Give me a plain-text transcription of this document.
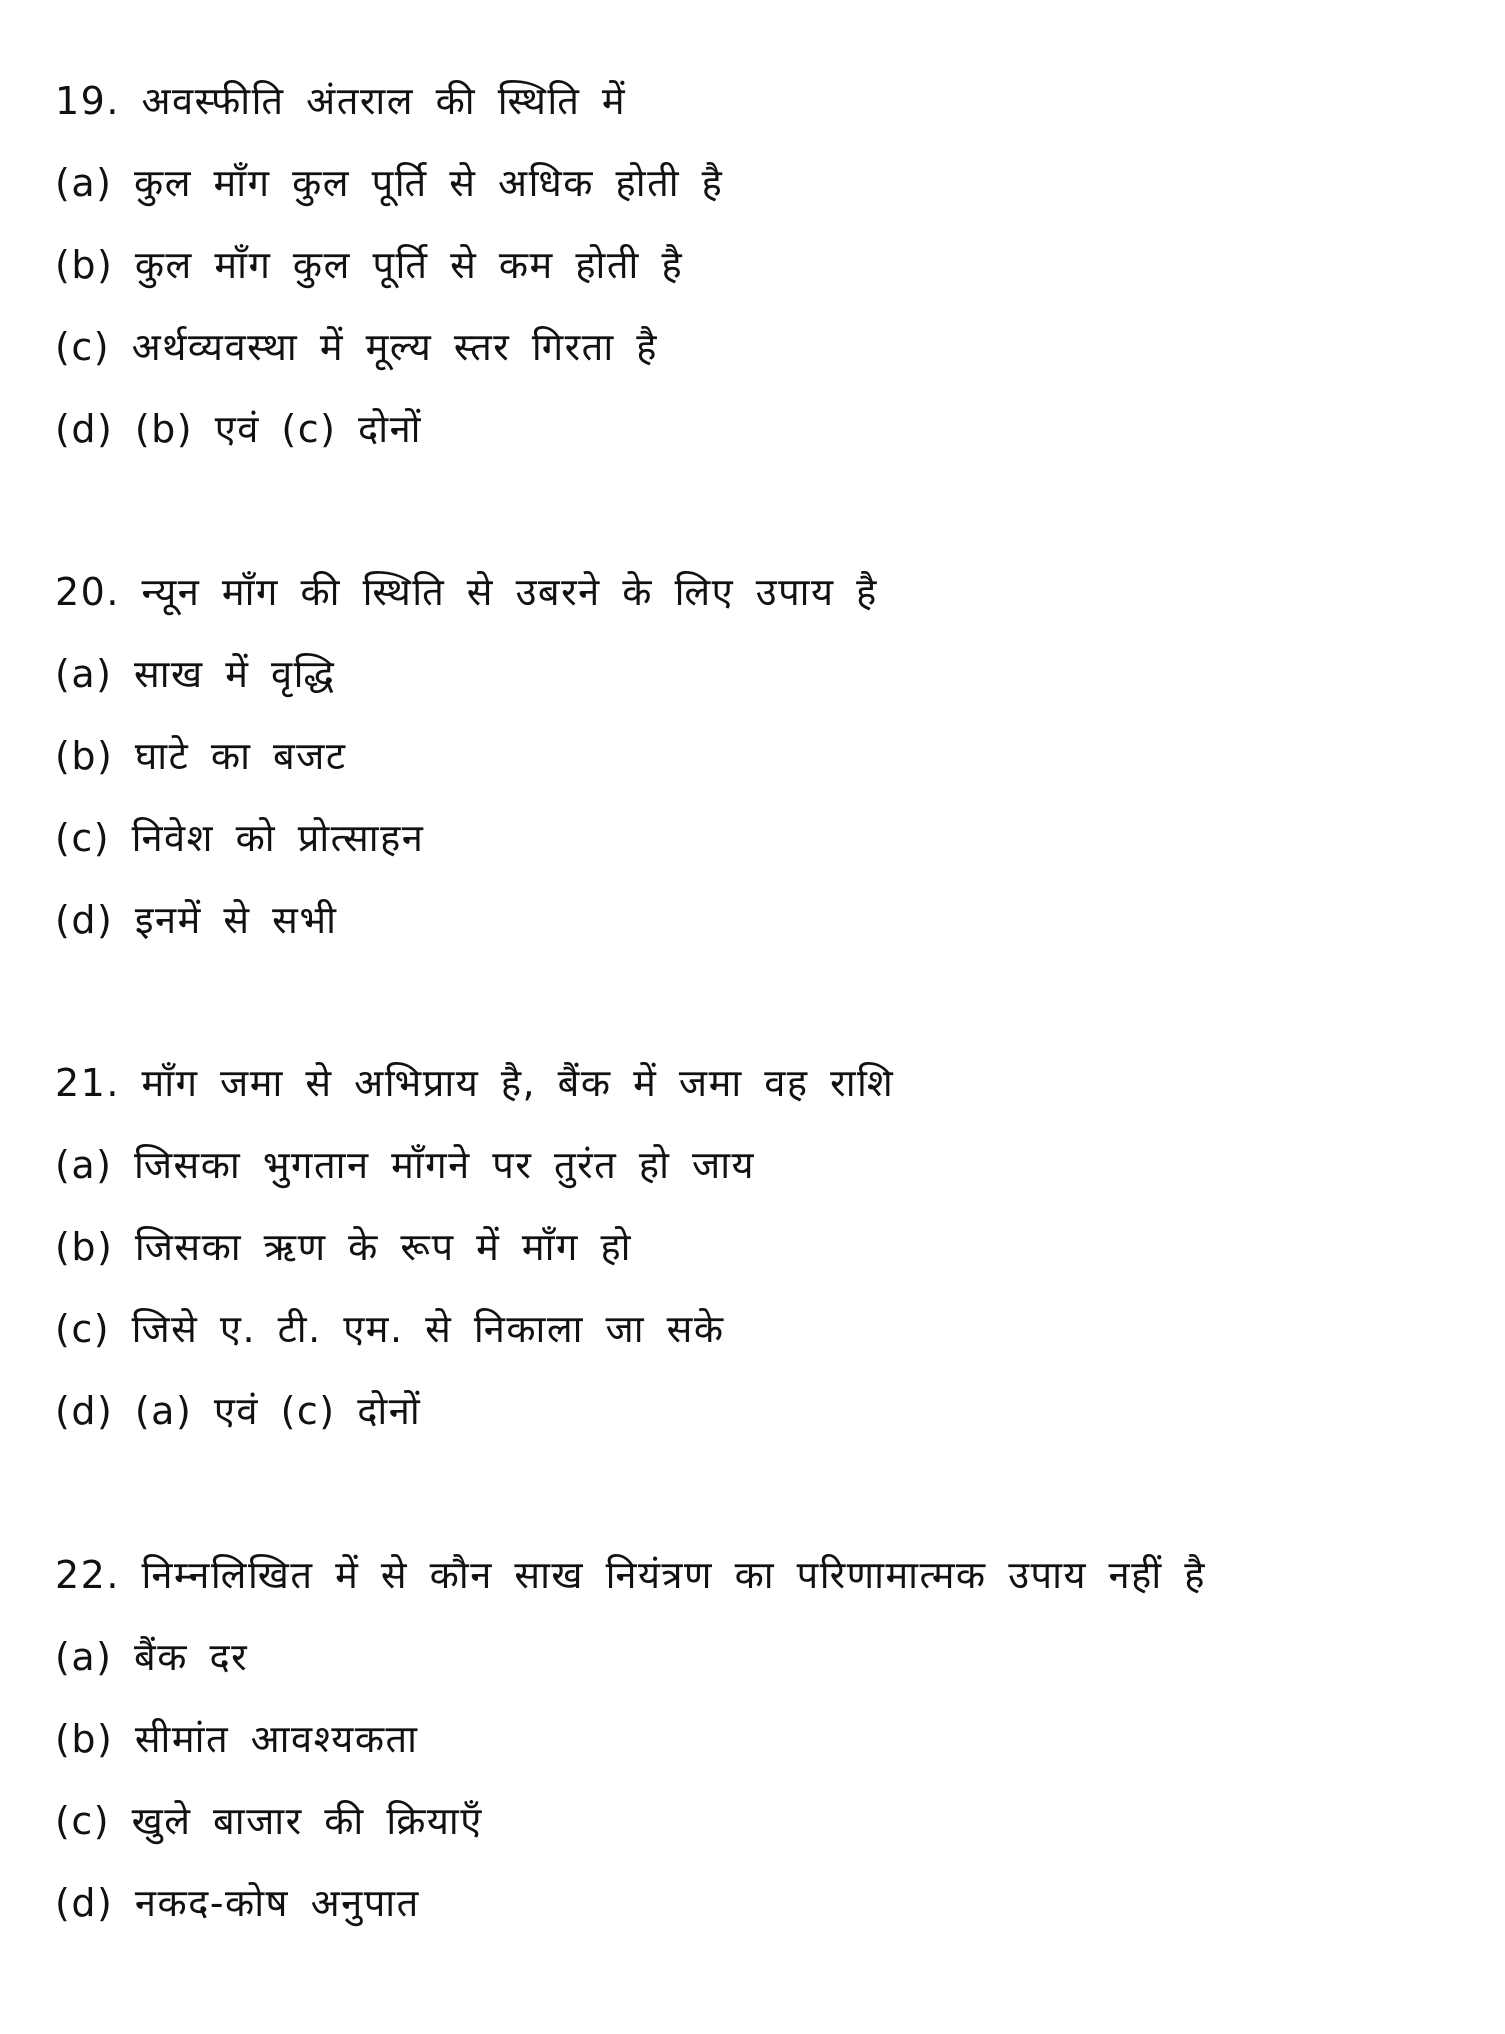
19. अवस्फीति अंतराल की स्थिति में
(a) कुल माँग कुल पूर्ति से अधिक होती है
(b) कुल माँग कुल पूर्ति से कम होती है
(c) अर्थव्यवस्था में मूल्य स्तर गिरता है
(d) (b) एवं (c) दोनों
20. न्यून माँग की स्थिति से उबरने के लिए उपाय है
(a) साख में वृद्धि
(b) घाटे का बजट
(c) निवेश को प्रोत्साहन
(d) इनमें से सभी
21. माँग जमा से अभिप्राय है, बैंक में जमा वह राशि
(a) जिसका भुगतान माँगने पर तुरंत हो जाय
(b) जिसका ऋण के रूप में माँग हो
(c) जिसे ए. टी. एम. से निकाला जा सके
(d) (a) एवं (c) दोनों
22. निम्नलिखित में से कौन साख नियंत्रण का परिणामात्मक उपाय नहीं है
(a) बैंक दर
(b) सीमांत आवश्यकता
(c) खुले बाजार की क्रियाएँ
(d) नकद-कोष अनुपात
